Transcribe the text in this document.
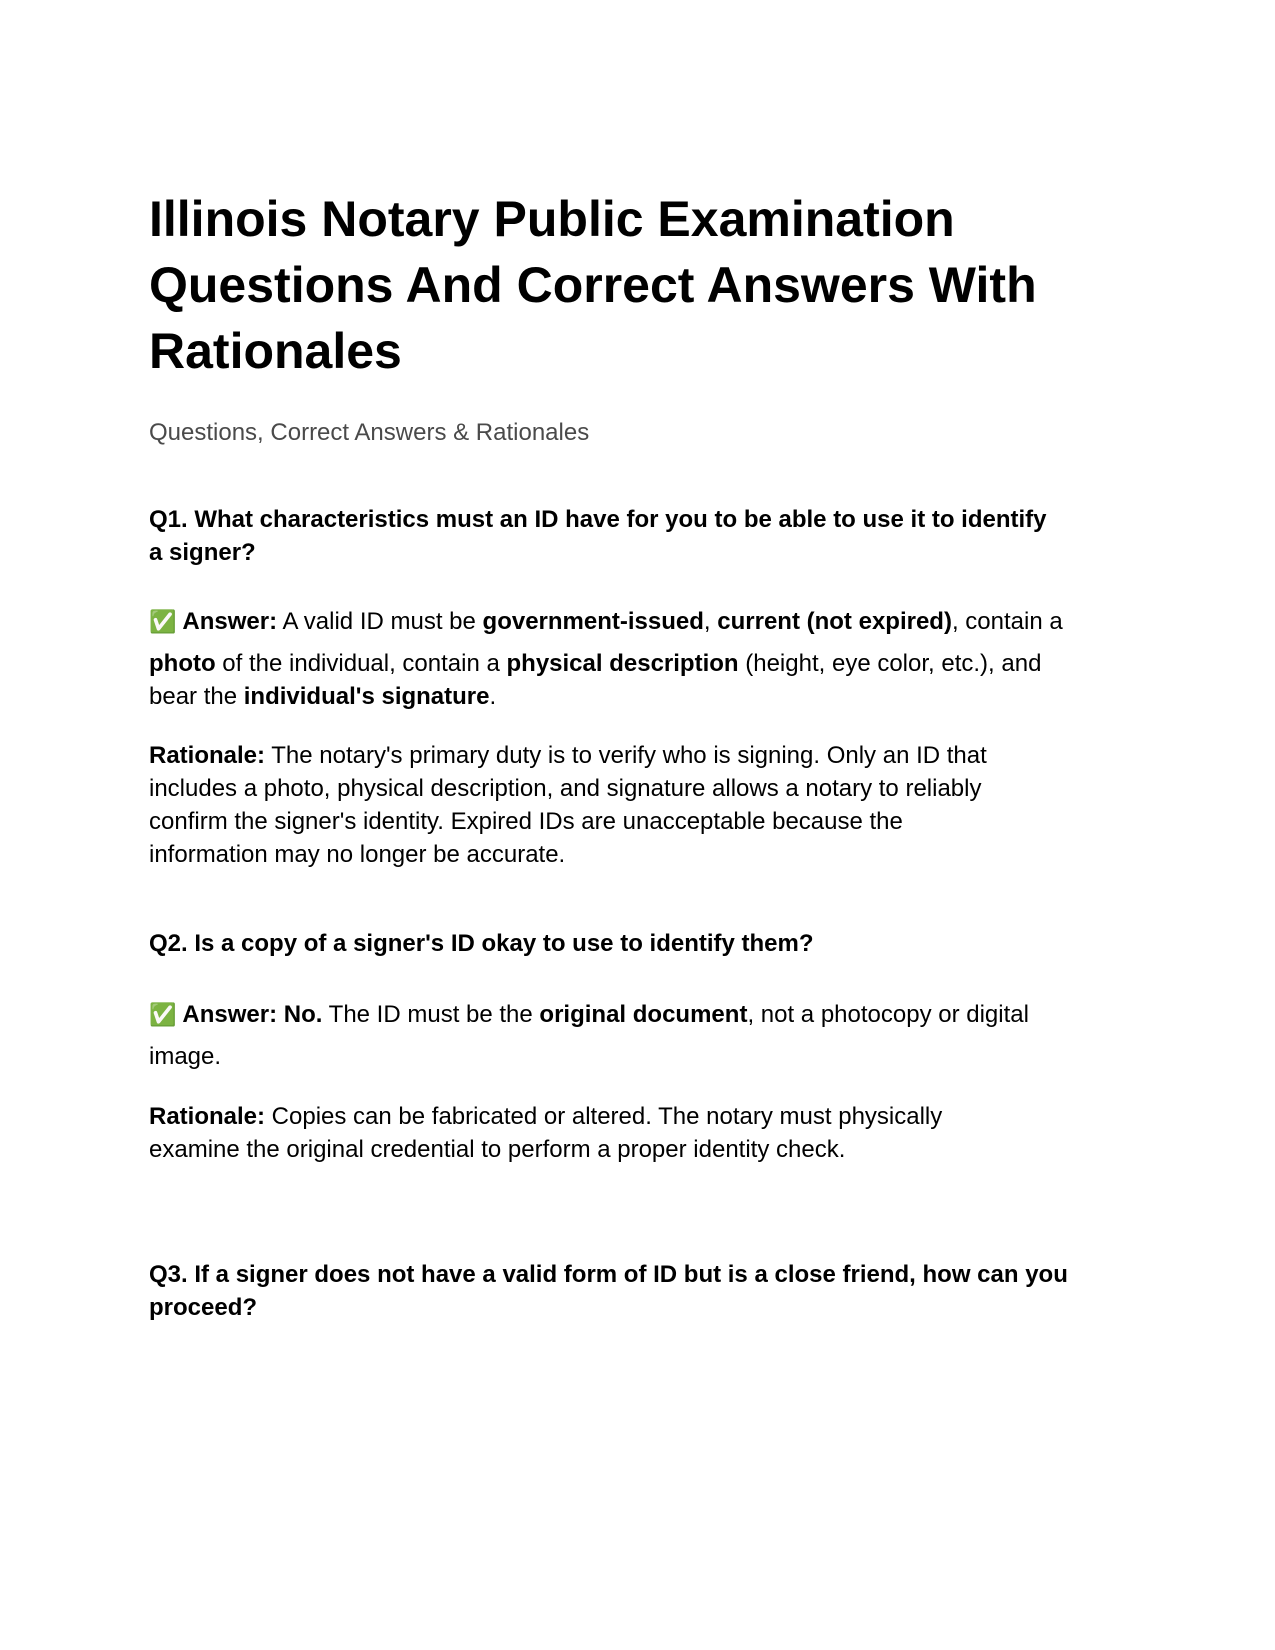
Illinois Notary Public Examination Questions And Correct Answers With Rationales
Questions, Correct Answers & Rationales
Q1. What characteristics must an ID have for you to be able to use it to identify a signer?
✅ Answer: A valid ID must be government-issued, current (not expired), contain a
photo of the individual, contain a physical description (height, eye color, etc.), and bear the individual's signature.
Rationale: The notary's primary duty is to verify who is signing. Only an ID that includes a photo, physical description, and signature allows a notary to reliably confirm the signer's identity. Expired IDs are unacceptable because the information may no longer be accurate.
Q2. Is a copy of a signer's ID okay to use to identify them?
✅ Answer: No. The ID must be the original document, not a photocopy or digital
image.
Rationale: Copies can be fabricated or altered. The notary must physically examine the original credential to perform a proper identity check.
Q3. If a signer does not have a valid form of ID but is a close friend, how can you proceed?
